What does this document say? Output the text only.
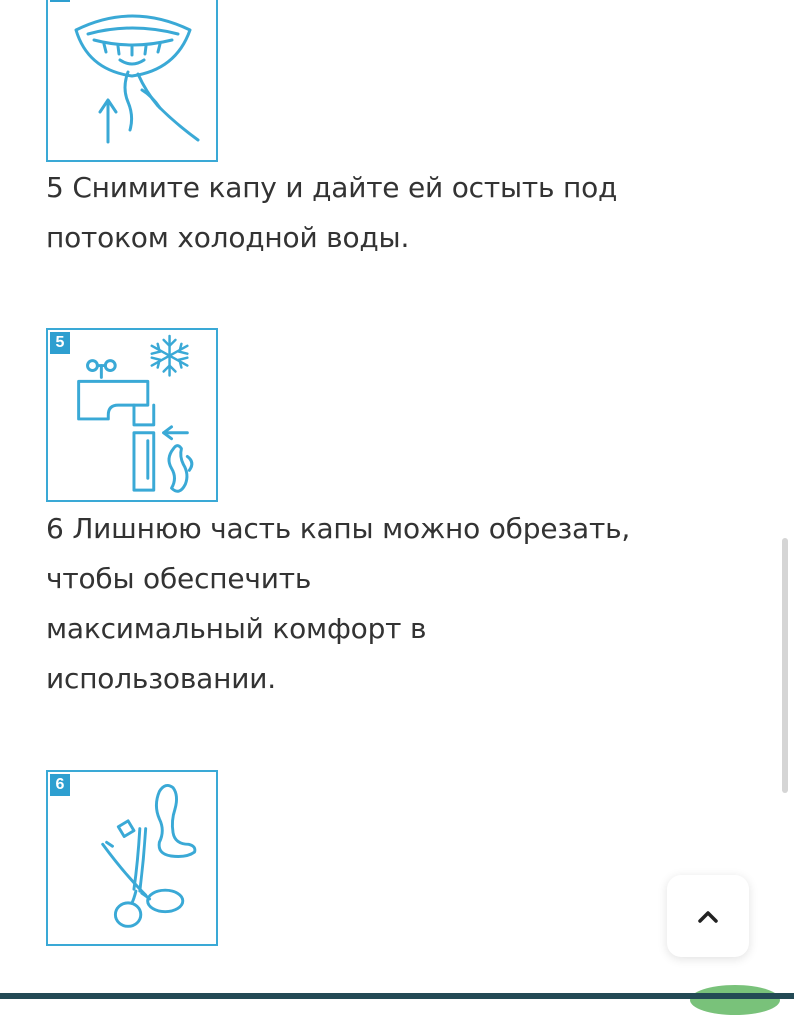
5 Снимите капу и дайте ей остыть под
потоком холодной воды.
5
6 Лишнюю часть капы можно обрезать,
чтобы обеспечить
максимальный комфорт в
использовании.
6
